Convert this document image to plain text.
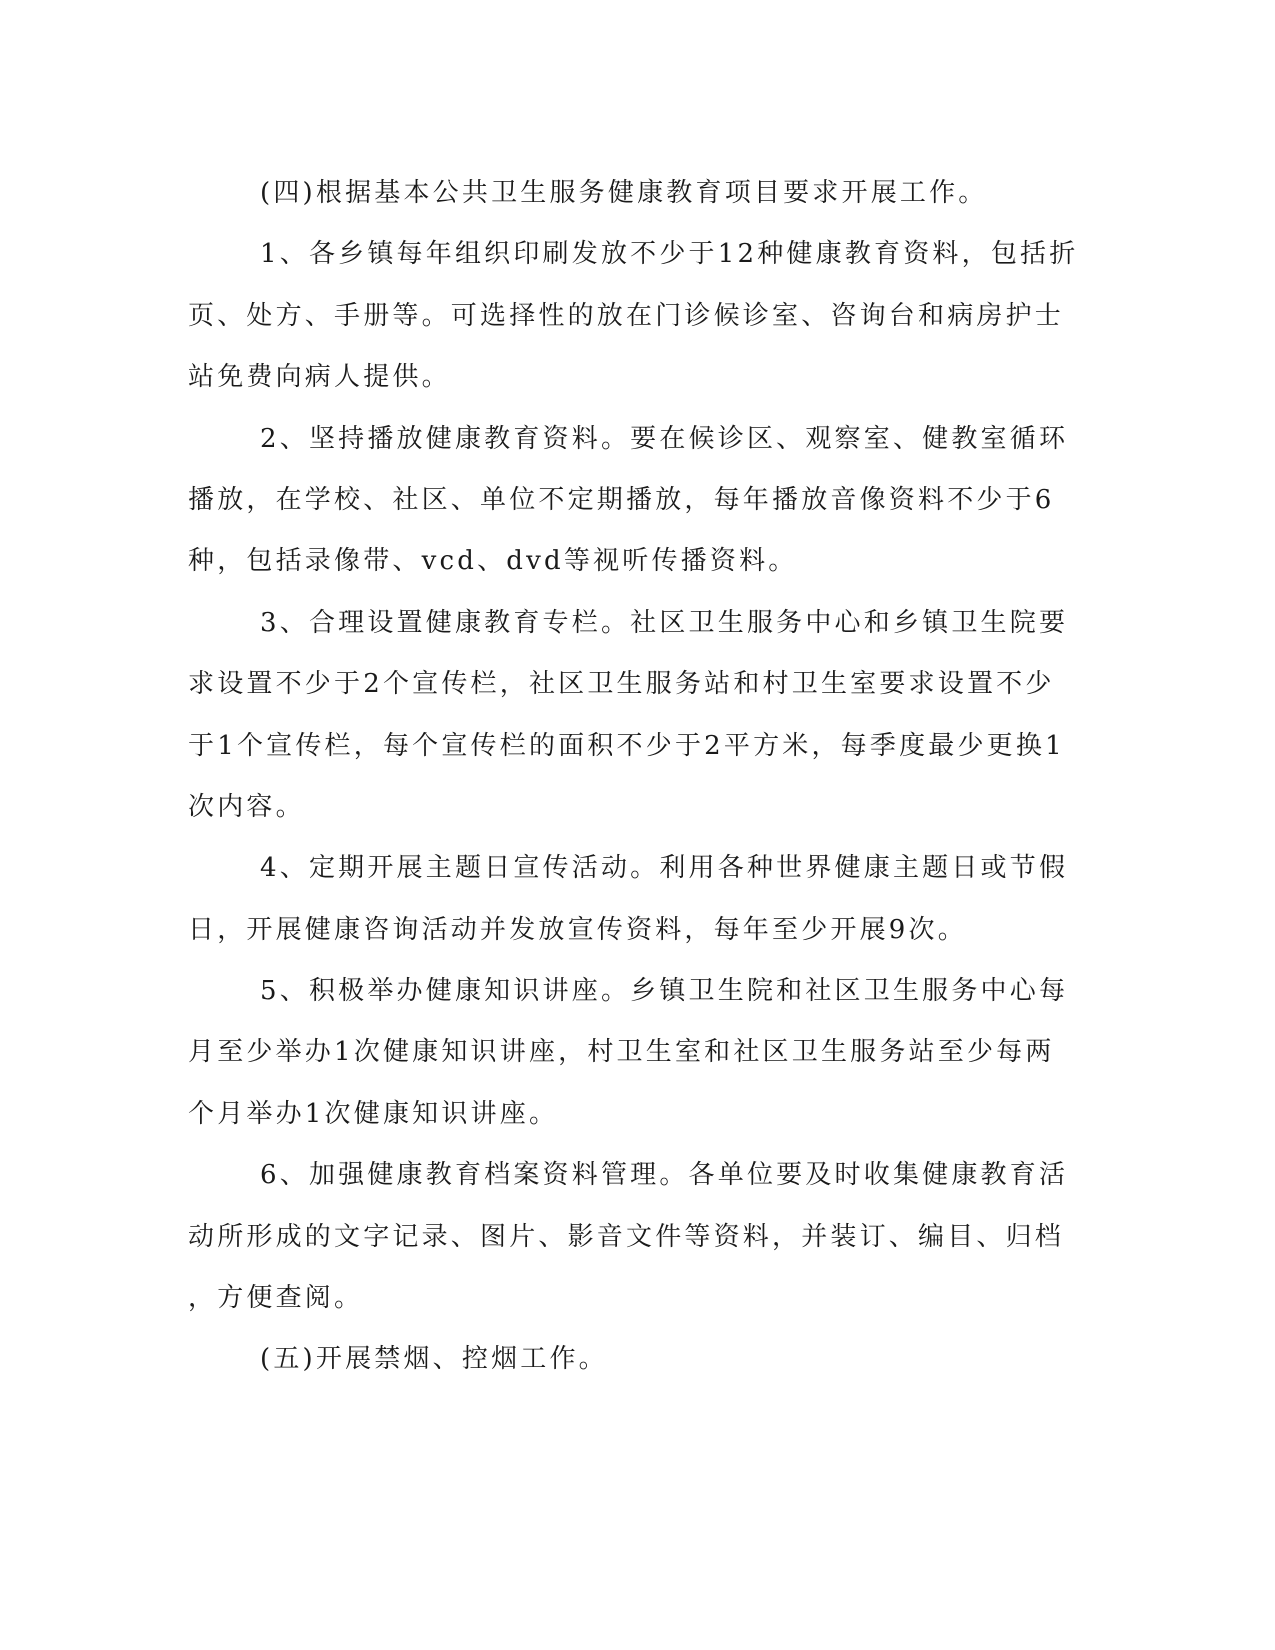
(四)根据基本公共卫生服务健康教育项目要求开展工作。
1、各乡镇每年组织印刷发放不少于12种健康教育资料，包括折
页、处方、手册等。可选择性的放在门诊候诊室、咨询台和病房护士
站免费向病人提供。
2、坚持播放健康教育资料。要在候诊区、观察室、健教室循环
播放，在学校、社区、单位不定期播放，每年播放音像资料不少于6
种，包括录像带、vcd、dvd等视听传播资料。
3、合理设置健康教育专栏。社区卫生服务中心和乡镇卫生院要
求设置不少于2个宣传栏，社区卫生服务站和村卫生室要求设置不少
于1个宣传栏，每个宣传栏的面积不少于2平方米，每季度最少更换1
次内容。
4、定期开展主题日宣传活动。利用各种世界健康主题日或节假
日，开展健康咨询活动并发放宣传资料，每年至少开展9次。
5、积极举办健康知识讲座。乡镇卫生院和社区卫生服务中心每
月至少举办1次健康知识讲座，村卫生室和社区卫生服务站至少每两
个月举办1次健康知识讲座。
6、加强健康教育档案资料管理。各单位要及时收集健康教育活
动所形成的文字记录、图片、影音文件等资料，并装订、编目、归档
，方便查阅。
(五)开展禁烟、控烟工作。
